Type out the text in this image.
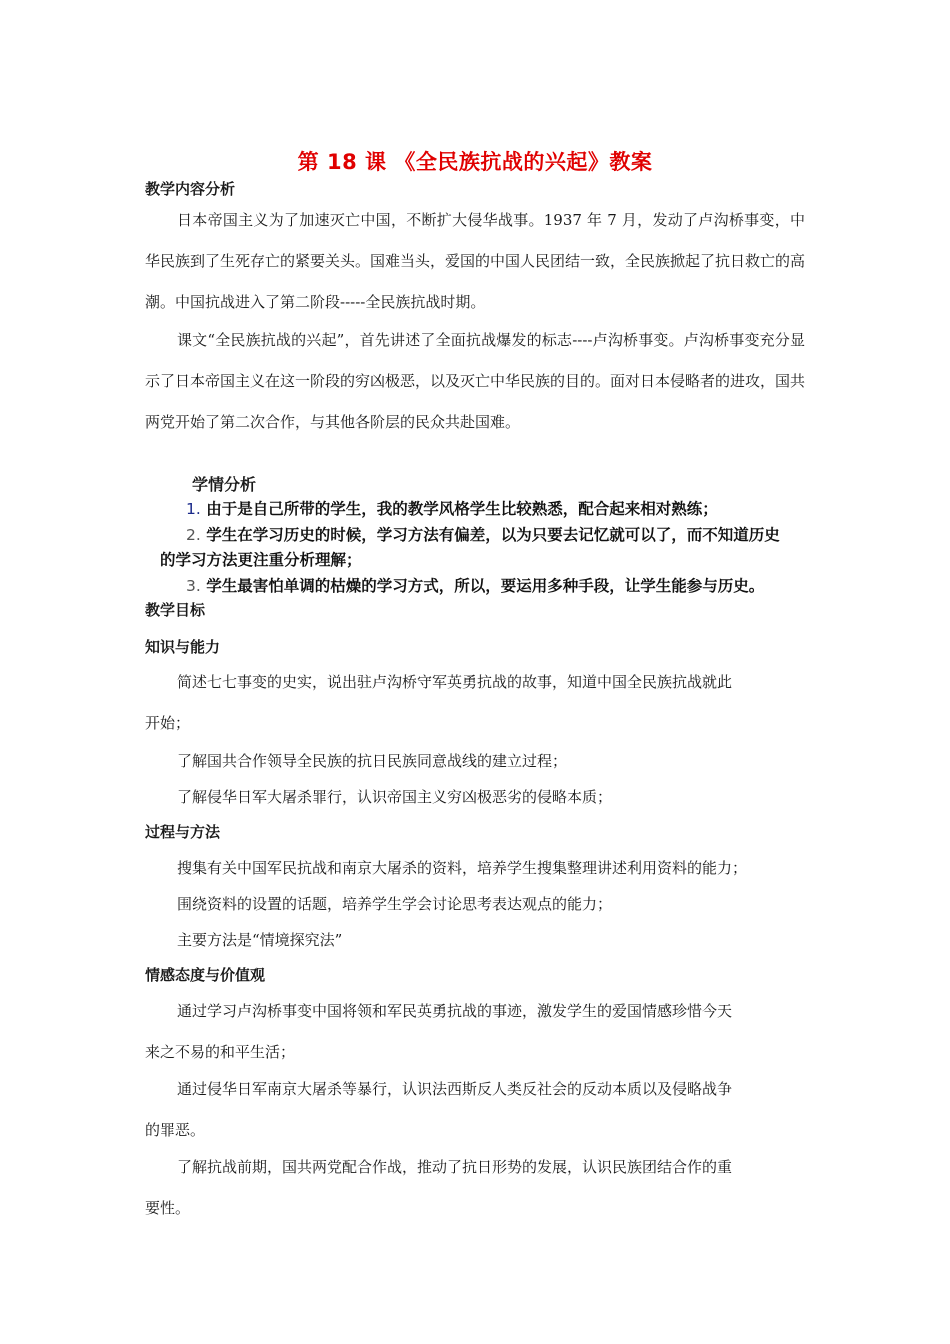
第 18 课 《全民族抗战的兴起》教案
教学内容分析

日本帝国主义为了加速灭亡中国，不断扩大侵华战事。1937 年 7 月，发动了卢沟桥事变，中华民族到了生死存亡的紧要关头。国难当头，爱国的中国人民团结一致，全民族掀起了抗日救亡的高潮。中国抗战进入了第二阶段-----全民族抗战时期。

课文“全民族抗战的兴起”，首先讲述了全面抗战爆发的标志----卢沟桥事变。卢沟桥事变充分显示了日本帝国主义在这一阶段的穷凶极恶，以及灭亡中华民族的目的。面对日本侵略者的进攻，国共两党开始了第二次合作，与其他各阶层的民众共赴国难。

学情分析
1. 由于是自己所带的学生，我的教学风格学生比较熟悉，配合起来相对熟练；
2. 学生在学习历史的时候，学习方法有偏差，以为只要去记忆就可以了，而不知道历史
的学习方法更注重分析理解；
3. 学生最害怕单调的枯燥的学习方式，所以，要运用多种手段，让学生能参与历史。
教学目标
知识与能力
简述七七事变的史实，说出驻卢沟桥守军英勇抗战的故事，知道中国全民族抗战就此
开始；
了解国共合作领导全民族的抗日民族同意战线的建立过程；
了解侵华日军大屠杀罪行，认识帝国主义穷凶极恶劣的侵略本质；
过程与方法
搜集有关中国军民抗战和南京大屠杀的资料，培养学生搜集整理讲述利用资料的能力；
围绕资料的设置的话题，培养学生学会讨论思考表达观点的能力；
主要方法是“情境探究法”
情感态度与价值观
通过学习卢沟桥事变中国将领和军民英勇抗战的事迹，激发学生的爱国情感珍惜今天
来之不易的和平生活；
通过侵华日军南京大屠杀等暴行，认识法西斯反人类反社会的反动本质以及侵略战争
的罪恶。
了解抗战前期，国共两党配合作战，推动了抗日形势的发展，认识民族团结合作的重
要性。
